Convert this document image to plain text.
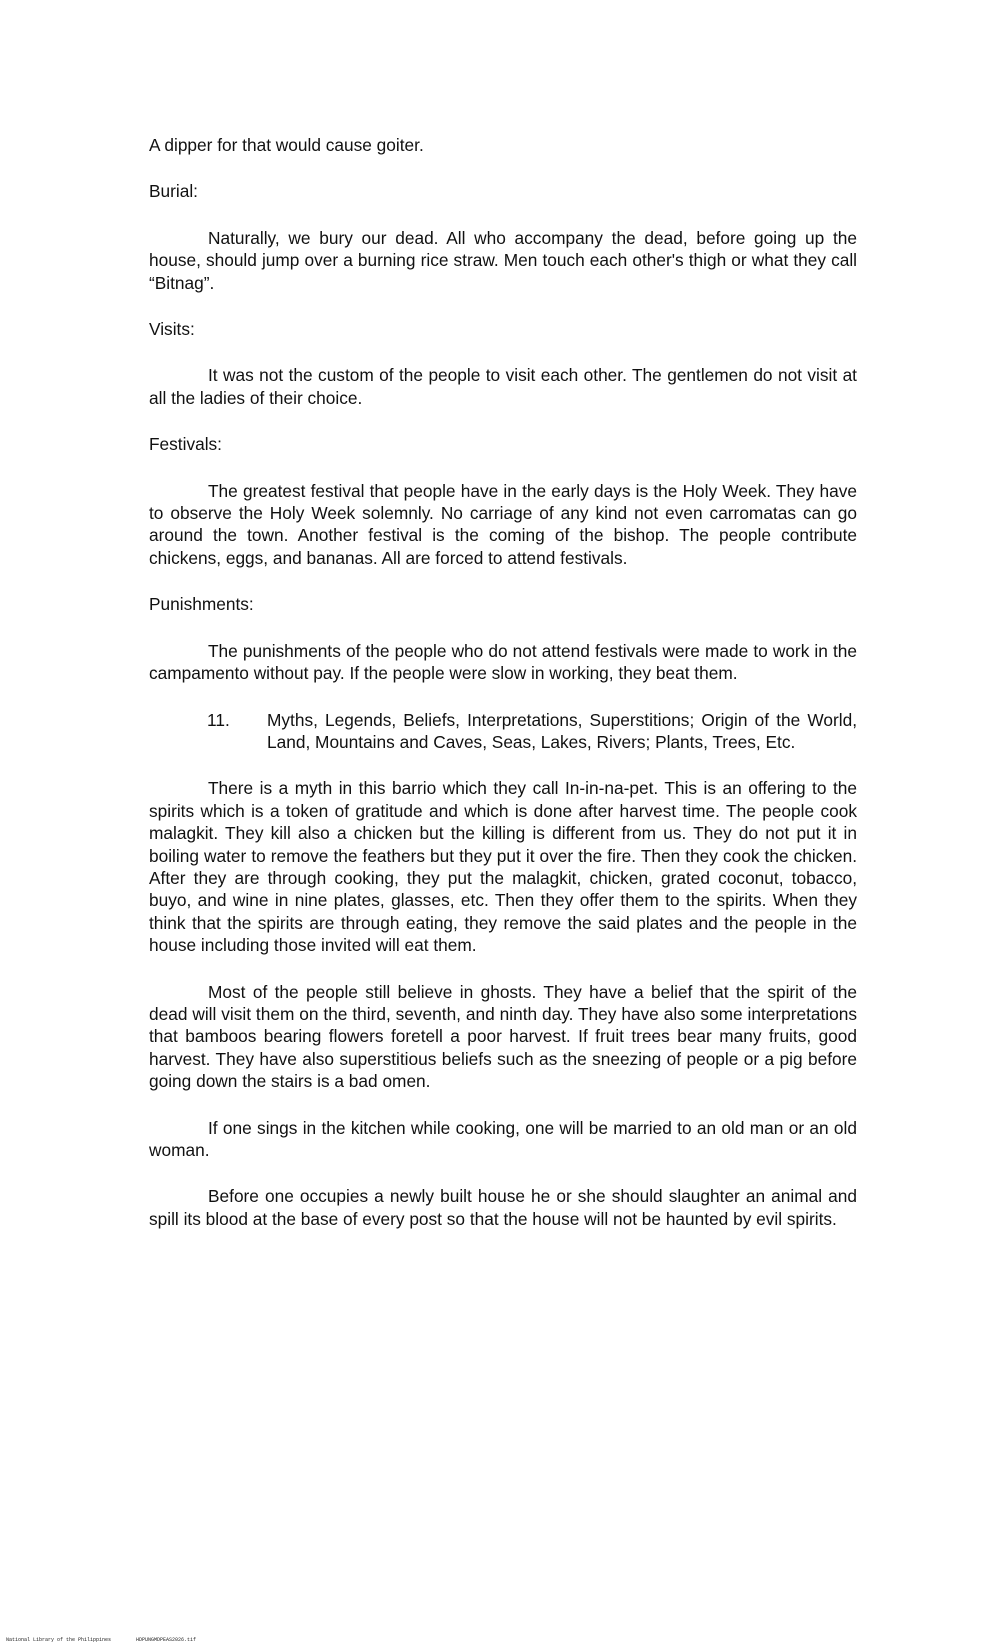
A dipper for that would cause goiter.

Burial:

Naturally, we bury our dead. All who accompany the dead, before going up the house, should jump over a burning rice straw. Men touch each other's thigh or what they call “Bitnag”.

Visits:

It was not the custom of the people to visit each other. The gentlemen do not visit at all the ladies of their choice.

Festivals:

The greatest festival that people have in the early days is the Holy Week. They have to observe the Holy Week solemnly. No carriage of any kind not even carromatas can go around the town. Another festival is the coming of the bishop. The people contribute chickens, eggs, and bananas. All are forced to attend festivals.

Punishments:

The punishments of the people who do not attend festivals were made to work in the campamento without pay. If the people were slow in working, they beat them.

11. Myths, Legends, Beliefs, Interpretations, Superstitions; Origin of the World, Land, Mountains and Caves, Seas, Lakes, Rivers; Plants, Trees, Etc.

There is a myth in this barrio which they call In-in-na-pet. This is an offering to the spirits which is a token of gratitude and which is done after harvest time. The people cook malagkit. They kill also a chicken but the killing is different from us. They do not put it in boiling water to remove the feathers but they put it over the fire. Then they cook the chicken. After they are through cooking, they put the malagkit, chicken, grated coconut, tobacco, buyo, and wine in nine plates, glasses, etc. Then they offer them to the spirits. When they think that the spirits are through eating, they remove the said plates and the people in the house including those invited will eat them.

Most of the people still believe in ghosts. They have a belief that the spirit of the dead will visit them on the third, seventh, and ninth day. They have also some interpretations that bamboos bearing flowers foretell a poor harvest. If fruit trees bear many fruits, good harvest. They have also superstitious beliefs such as the sneezing of people or a pig before going down the stairs is a bad omen.

If one sings in the kitchen while cooking, one will be married to an old man or an old woman.

Before one occupies a newly built house he or she should slaughter an animal and spill its blood at the base of every post so that the house will not be haunted by evil spirits.

National Library of the Philippines	HDPUNGMDPEAS2026.tif
